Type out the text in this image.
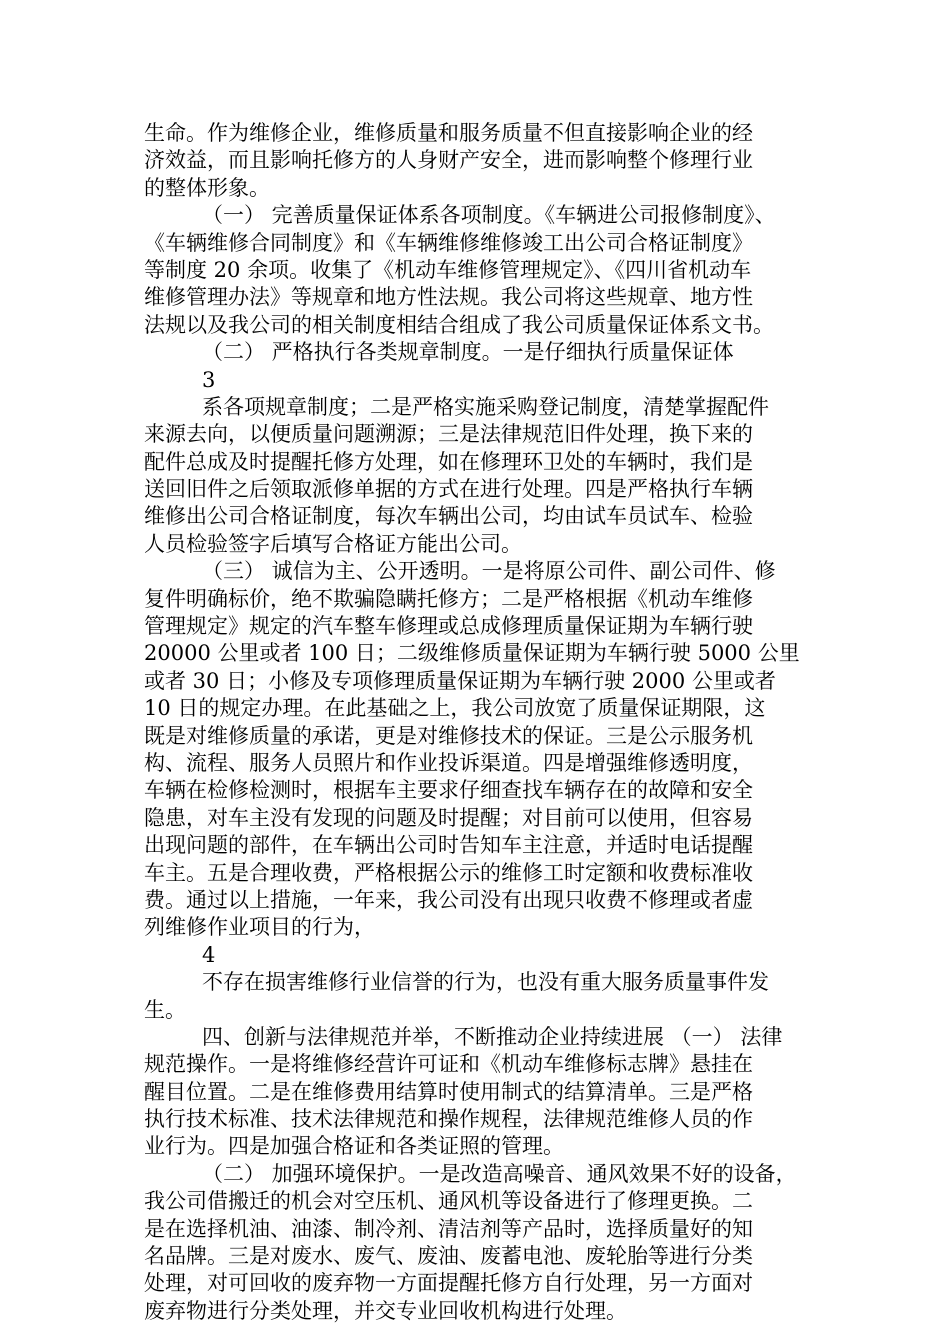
生命。作为维修企业，维修质量和服务质量不但直接影响企业的经
济效益，而且影响托修方的人身财产安全，进而影响整个修理行业
的整体形象。
（一） 完善质量保证体系各项制度。《车辆进公司报修制度》、
《车辆维修合同制度》和《车辆维修维修竣工出公司合格证制度》
等制度 20 余项。收集了《机动车维修管理规定》、《四川省机动车
维修管理办法》等规章和地方性法规。我公司将这些规章、地方性
法规以及我公司的相关制度相结合组成了我公司质量保证体系文书。
（二） 严格执行各类规章制度。一是仔细执行质量保证体
3
系各项规章制度；二是严格实施采购登记制度，清楚掌握配件
来源去向，以便质量问题溯源；三是法律规范旧件处理，换下来的
配件总成及时提醒托修方处理，如在修理环卫处的车辆时，我们是
送回旧件之后领取派修单据的方式在进行处理。四是严格执行车辆
维修出公司合格证制度，每次车辆出公司，均由试车员试车、检验
人员检验签字后填写合格证方能出公司。
（三） 诚信为主、公开透明。一是将原公司件、副公司件、修
复件明确标价，绝不欺骗隐瞒托修方；二是严格根据《机动车维修
管理规定》规定的汽车整车修理或总成修理质量保证期为车辆行驶
20000 公里或者 100 日；二级维修质量保证期为车辆行驶 5000 公里
或者 30 日；小修及专项修理质量保证期为车辆行驶 2000 公里或者
10 日的规定办理。在此基础之上，我公司放宽了质量保证期限，这
既是对维修质量的承诺，更是对维修技术的保证。三是公示服务机
构、流程、服务人员照片和作业投诉渠道。四是增强维修透明度，
车辆在检修检测时，根据车主要求仔细查找车辆存在的故障和安全
隐患，对车主没有发现的问题及时提醒；对目前可以使用，但容易
出现问题的部件，在车辆出公司时告知车主注意，并适时电话提醒
车主。五是合理收费，严格根据公示的维修工时定额和收费标准收
费。通过以上措施，一年来，我公司没有出现只收费不修理或者虚
列维修作业项目的行为，
4
不存在损害维修行业信誉的行为，也没有重大服务质量事件发
生。
四、创新与法律规范并举，不断推动企业持续进展 （一） 法律
规范操作。一是将维修经营许可证和《机动车维修标志牌》悬挂在
醒目位置。二是在维修费用结算时使用制式的结算清单。三是严格
执行技术标准、技术法律规范和操作规程，法律规范维修人员的作
业行为。四是加强合格证和各类证照的管理。
（二） 加强环境保护。一是改造高噪音、通风效果不好的设备，
我公司借搬迁的机会对空压机、通风机等设备进行了修理更换。二
是在选择机油、油漆、制冷剂、清洁剂等产品时，选择质量好的知
名品牌。三是对废水、废气、废油、废蓄电池、废轮胎等进行分类
处理，对可回收的废弃物一方面提醒托修方自行处理，另一方面对
废弃物进行分类处理，并交专业回收机构进行处理。
